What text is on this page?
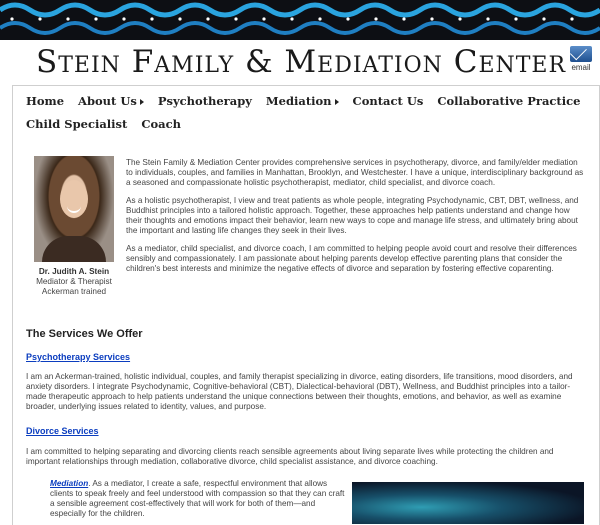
Stein Family & Mediation Center email
Home About Us	Psychotherapy Mediation	Contact Us Collaborative Practice
Child Specialist Coach
Dr. Judith A. Stein
Mediator & Therapist
Ackerman trained

The Stein Family & Mediation Center provides comprehensive services in psychotherapy, divorce, and family/elder mediation to individuals, couples, and families in Manhattan, Brooklyn, and Westchester. I have a unique, interdisciplinary background as a seasoned and compassionate holistic psychotherapist, mediator, child specialist, and divorce coach.

As a holistic psychotherapist, I view and treat patients as whole people, integrating Psychodynamic, CBT, DBT, wellness, and Buddhist principles into a tailored holistic approach. Together, these approaches help patients understand and change how their thoughts and emotions impact their behavior, learn new ways to cope and manage life stress, and ultimately bring about the important and lasting life changes they seek in their lives.

As a mediator, child specialist, and divorce coach, I am committed to helping people avoid court and resolve their differences sensibly and compassionately. I am passionate about helping parents develop effective parenting plans that consider the children's best interests and minimize the negative effects of divorce and separation by fostering effective coparenting.

The Services We Offer
Psychotherapy Services
I am an Ackerman-trained, holistic individual, couples, and family therapist specializing in divorce, eating disorders, life transitions, mood disorders, and anxiety disorders. I integrate Psychodynamic, Cognitive-behavioral (CBT), Dialectical-behavioral (DBT), Wellness, and Buddhist principles into a tailor-made therapeutic approach to help patients understand the unique connections between their thoughts, emotions, and behavior, as well as examine broader, underlying issues related to identity, values, and purpose.
Divorce Services
I am committed to helping separating and divorcing clients reach sensible agreements about living separate lives while protecting the children and important relationships through mediation, collaborative divorce, child specialist assistance, and divorce coaching.
Mediation. As a mediator, I create a safe, respectful environment that allows clients to speak freely and feel understood with compassion so that they can craft a sensible agreement cost-effectively that will work for both of them—and especially for the children.
